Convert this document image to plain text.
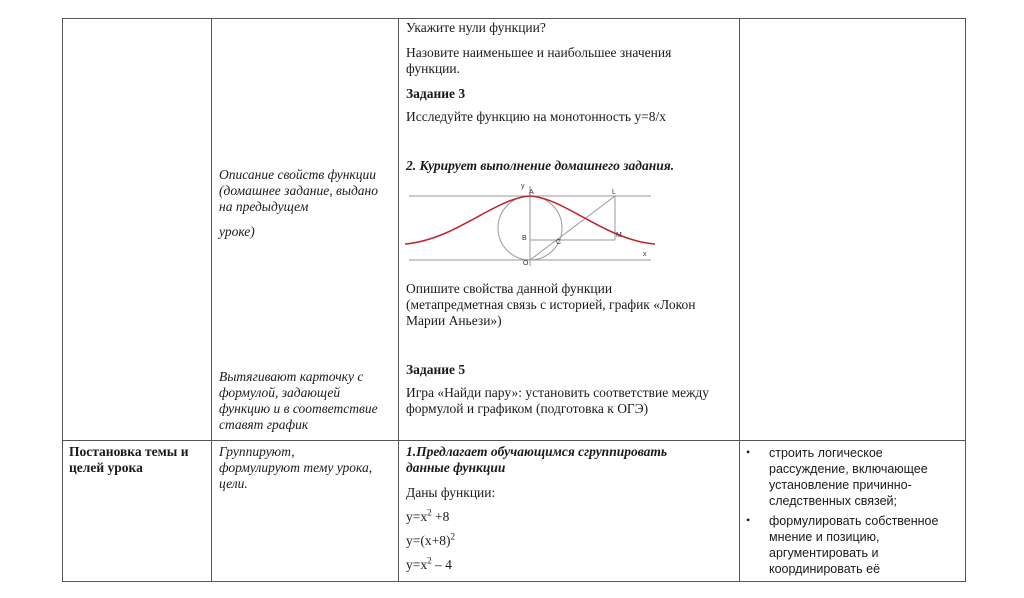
Описание свойств функции
(домашнее задание, выдано
на предыдущем
уроке)
Вытягивают карточку с
формулой, задающей
функцию и в соответствие
ставят график
Укажите нули функции?
Назовите наименьшее и наибольшее значения
функции.
Задание 3
Исследуйте функцию на монотонность y=8/x
2. Курирует выполнение домашнего задания.
y
A	L
B
C
M
O
x
Опишите свойства данной функции
(метапредметная связь с историей, график «Локон
Марии Аньези»)
Задание 5
Игра «Найди пару»: установить соответствие между
формулой и графиком (подготовка к ОГЭ)
Постановка темы и
целей урока
Группируют,
формулируют тему урока,
цели.
1.Предлагает обучающимся сгруппировать
данные функции
Даны функции:
$y=x^2 +8$
$y=(x+8)^2$
$y=x^2 - 4$
• строить логическое
рассуждение, включающее
установление причинно-
следственных связей;
• формулировать собственное
мнение и позицию,
аргументировать и
координировать её
